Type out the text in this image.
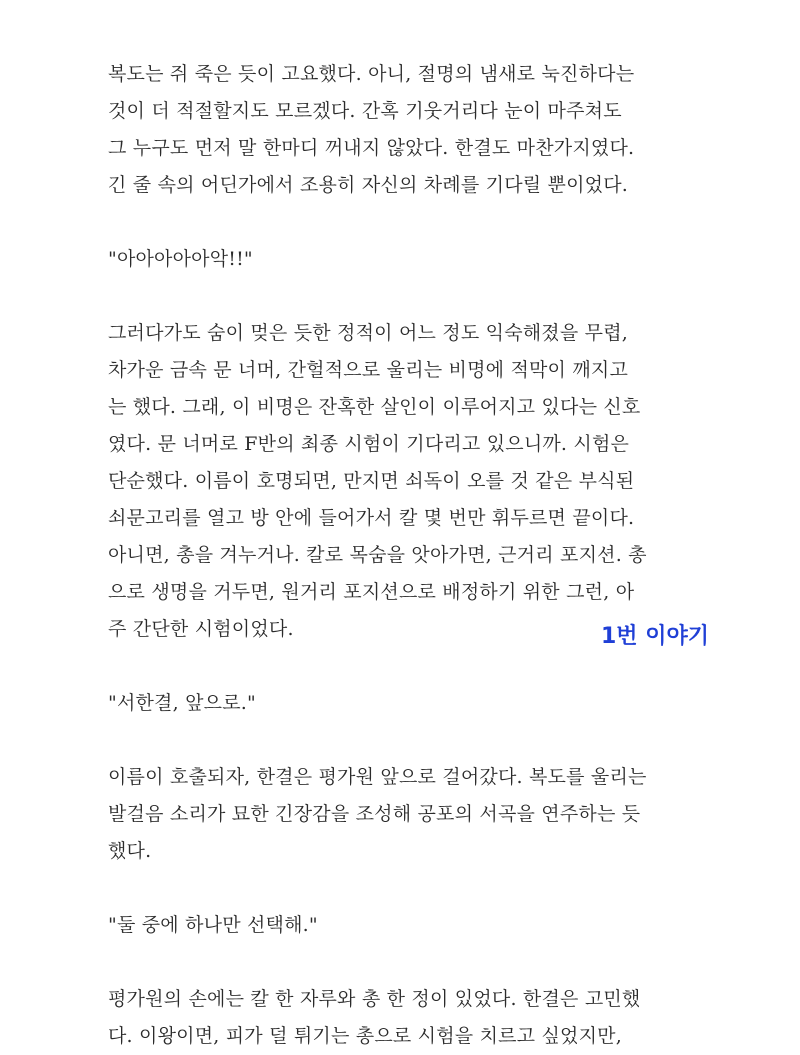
복도는 쥐 죽은 듯이 고요했다. 아니, 절명의 냄새로 눅진하다는
것이 더 적절할지도 모르겠다. 간혹 기웃거리다 눈이 마주쳐도
그 누구도 먼저 말 한마디 꺼내지 않았다. 한결도 마찬가지였다.
긴 줄 속의 어딘가에서 조용히 자신의 차례를 기다릴 뿐이었다.

"아아아아아악!!"

그러다가도 숨이 멎은 듯한 정적이 어느 정도 익숙해졌을 무렵,
차가운 금속 문 너머, 간헐적으로 울리는 비명에 적막이 깨지고
는 했다. 그래, 이 비명은 잔혹한 살인이 이루어지고 있다는 신호
였다. 문 너머로 F반의 최종 시험이 기다리고 있으니까. 시험은
단순했다. 이름이 호명되면, 만지면 쇠독이 오를 것 같은 부식된
쇠문고리를 열고 방 안에 들어가서 칼 몇 번만 휘두르면 끝이다.
아니면, 총을 겨누거나. 칼로 목숨을 앗아가면, 근거리 포지션. 총
으로 생명을 거두면, 원거리 포지션으로 배정하기 위한 그런, 아
주 간단한 시험이었다.

"서한결, 앞으로."

이름이 호출되자, 한결은 평가원 앞으로 걸어갔다. 복도를 울리는
발걸음 소리가 묘한 긴장감을 조성해 공포의 서곡을 연주하는 듯
했다.

"둘 중에 하나만 선택해."

평가원의 손에는 칼 한 자루와 총 한 정이 있었다. 한결은 고민했
다. 이왕이면, 피가 덜 튀기는 총으로 시험을 치르고 싶었지만,

1번 이야기
